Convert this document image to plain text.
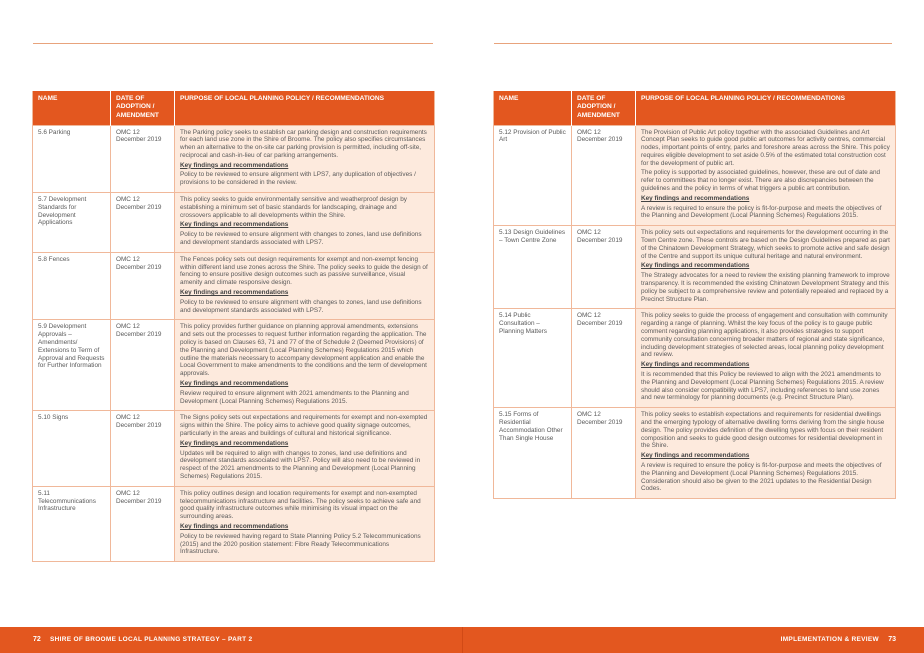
NAME	DATE OF ADOPTION / AMENDMENT	PURPOSE OF LOCAL PLANNING POLICY / RECOMMENDATIONS
5.6 Parking	OMC 12 December 2019	The Parking policy seeks to establish car parking design and construction requirements for each land use zone in the Shire of Broome. The policy also specifies circumstances when an alternative to the on-site car parking provision is permitted, including off-site, reciprocal and cash-in-lieu of car parking arrangements.

Key findings and recommendations

Policy to be reviewed to ensure alignment with LPS7, any duplication of objectives / provisions to be considered in the review.

5.7 Development Standards for Development Applications	OMC 12 December 2019	This policy seeks to guide environmentally sensitive and weatherproof design by establishing a minimum set of basic standards for landscaping, drainage and crossovers applicable to all developments within the Shire.

Key findings and recommendations

Policy to be reviewed to ensure alignment with changes to zones, land use definitions and development standards associated with LPS7.

5.8 Fences	OMC 12 December 2019	The Fences policy sets out design requirements for exempt and non-exempt fencing within different land use zones across the Shire. The policy seeks to guide the design of fencing to ensure positive design outcomes such as passive surveillance, visual amenity and climate responsive design.

Key findings and recommendations

Policy to be reviewed to ensure alignment with changes to zones, land use definitions and development standards associated with LPS7.

5.9 Development Approvals – Amendments/ Extensions to Term of Approval and Requests for Further Information	OMC 12 December 2019	This policy provides further guidance on planning approval amendments, extensions and sets out the processes to request further information regarding the application. The policy is based on Clauses 63, 71 and 77 of the of Schedule 2 (Deemed Provisions) of the Planning and Development (Local Planning Schemes) Regulations 2015 which outline the materials necessary to accompany development application and enable the Local Government to make amendments to the conditions and the term of development approvals.

Key findings and recommendations

Review required to ensure alignment with 2021 amendments to the Planning and Development (Local Planning Schemes) Regulations 2015.

5.10 Signs	OMC 12 December 2019	The Signs policy sets out expectations and requirements for exempt and non-exempted signs within the Shire. The policy aims to achieve good quality signage outcomes, particularly in the areas and buildings of cultural and historical significance.

Key findings and recommendations

Updates will be required to align with changes to zones, land use definitions and development standards associated with LPS7. Policy will also need to be reviewed in respect of the 2021 amendments to the Planning and Development (Local Planning Schemes) Regulations 2015.

5.11 Telecommunications Infrastructure	OMC 12 December 2019	This policy outlines design and location requirements for exempt and non-exempted telecommunications infrastructure and facilities. The policy seeks to achieve safe and good quality infrastructure outcomes while minimising its visual impact on the surrounding areas.

Key findings and recommendations

Policy to be reviewed having regard to State Planning Policy 5.2 Telecommunications (2015) and the 2020 position statement: Fibre Ready Telecommunications Infrastructure.

NAME	DATE OF ADOPTION / AMENDMENT	PURPOSE OF LOCAL PLANNING POLICY / RECOMMENDATIONS
5.12 Provision of Public Art	OMC 12 December 2019	The Provision of Public Art policy together with the associated Guidelines and Art Concept Plan seeks to guide good public art outcomes for activity centres, commercial nodes, important points of entry, parks and foreshore areas across the Shire. This policy requires eligible development to set aside 0.5% of the estimated total construction cost for the development of public art.

The policy is supported by associated guidelines, however, these are out of date and refer to committees that no longer exist. There are also discrepancies between the guidelines and the policy in terms of what triggers a public art contribution.

Key findings and recommendations

A review is required to ensure the policy is fit-for-purpose and meets the objectives of the Planning and Development (Local Planning Schemes) Regulations 2015.

5.13 Design Guidelines – Town Centre Zone	OMC 12 December 2019	This policy sets out expectations and requirements for the development occurring in the Town Centre zone. These controls are based on the Design Guidelines prepared as part of the Chinatown Development Strategy, which seeks to promote active and safe design of the Centre and support its unique cultural heritage and natural environment.

Key findings and recommendations

The Strategy advocates for a need to review the existing planning framework to improve transparency. It is recommended the existing Chinatown Development Strategy and this policy be subject to a comprehensive review and potentially repealed and replaced by a Precinct Structure Plan.

5.14 Public Consultation – Planning Matters	OMC 12 December 2019	This policy seeks to guide the process of engagement and consultation with community regarding a range of planning. Whilst the key focus of the policy is to gauge public comment regarding planning applications, it also provides strategies to support community consultation concerning broader matters of regional and state significance, including development strategies of selected areas, local planning policy development and review.

Key findings and recommendations

It is recommended that this Policy be reviewed to align with the 2021 amendments to the Planning and Development (Local Planning Schemes) Regulations 2015. A review should also consider compatibility with LPS7, including references to land use zones and new terminology for planning documents (e.g. Precinct Structure Plan).

5.15 Forms of Residential Accommodation Other Than Single House	OMC 12 December 2019	This policy seeks to establish expectations and requirements for residential dwellings and the emerging typology of alternative dwelling forms deriving from the single house design. The policy provides definition of the dwelling types with focus on their resident composition and seeks to guide good design outcomes for residential development in the Shire.

Key findings and recommendations

A review is required to ensure the policy is fit-for-purpose and meets the objectives of the Planning and Development (Local Planning Schemes) Regulations 2015. Consideration should also be given to the 2021 updates to the Residential Design Codes.

72 SHIRE OF BROOME LOCAL PLANNING STRATEGY – PART 2	IMPLEMENTATION & REVIEW 73
